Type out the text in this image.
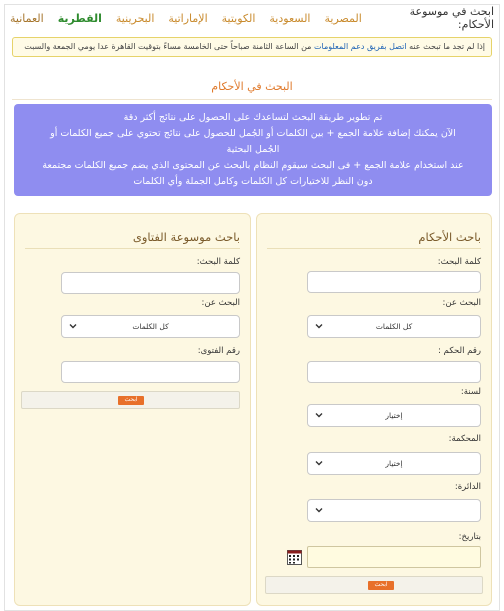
ابحث في موسوعة الأحكام:
المصرية
السعودية
الكويتية
الإماراتية
البحرينية
القطرية
العمانية
إذا لم تجد ما تبحث عنه اتصل بفريق دعم المعلومات من الساعة الثامنة صباحاً حتى الخامسة مساءً بتوقيت القاهرة عدا يومي الجمعة والسبت
البحث في الأحكام
تم تطوير طريقة البحث لتساعدك على الحصول على نتائج أكثر دقة
الآن يمكنك إضافة علامة الجمع + بين الكلمات أو الجُمل للحصول على نتائج تحتوي على جميع الكلمات أو
الجُمل البحثية
عند استخدام علامة الجمع + فى البحث سيقوم النظام بالبحث عن المحتوى الذي يضم جميع الكلمات مجتمعة
دون النظر للاختيارات كل الكلمات وكامل الجملة وأي الكلمات
باحث الأحكام
كلمة البحث:
البحث عن:
كل الكلمات
رقم الحكم :
لسنة:
إختيار
المحكمة:
إختيار
الدائرة:
بتاريخ:
ابحث
باحث موسوعة الفتاوى
كلمة البحث:
البحث عن:
كل الكلمات
رقم الفتوى:
ابحث
